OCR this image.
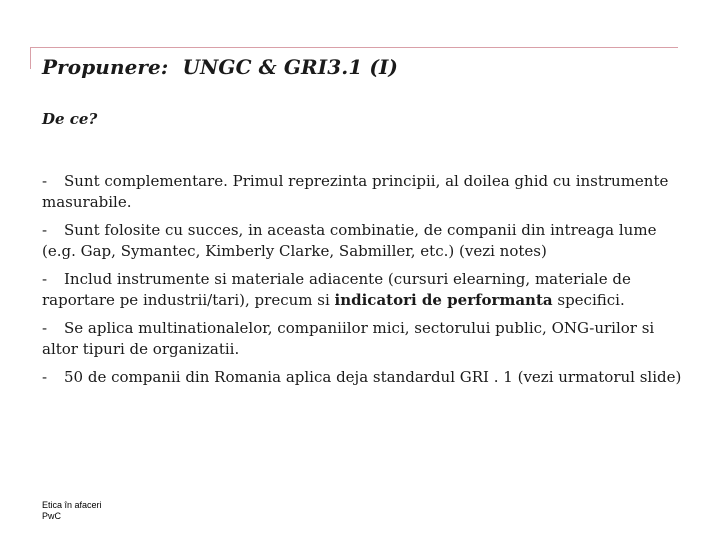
Propunere:  UNGC & GRI3.1 (I)
De ce?
- Sunt complementare. Primul reprezinta principii, al doilea ghid cu instrumente masurabile.
- Sunt folosite cu succes, in aceasta combinatie, de companii din intreaga lume (e.g. Gap, Symantec, Kimberly Clarke, Sabmiller, etc.) (vezi notes)
- Includ instrumente si materiale adiacente (cursuri elearning, materiale de raportare pe industrii/tari), precum si indicatori de performanta specifici.
- Se aplica multinationalelor, companiilor mici, sectorului public, ONG-urilor si altor tipuri de organizatii.
- 50 de companii din Romania aplica deja standardul GRI . 1 (vezi urmatorul slide)
Etica în afaceri
PwC
